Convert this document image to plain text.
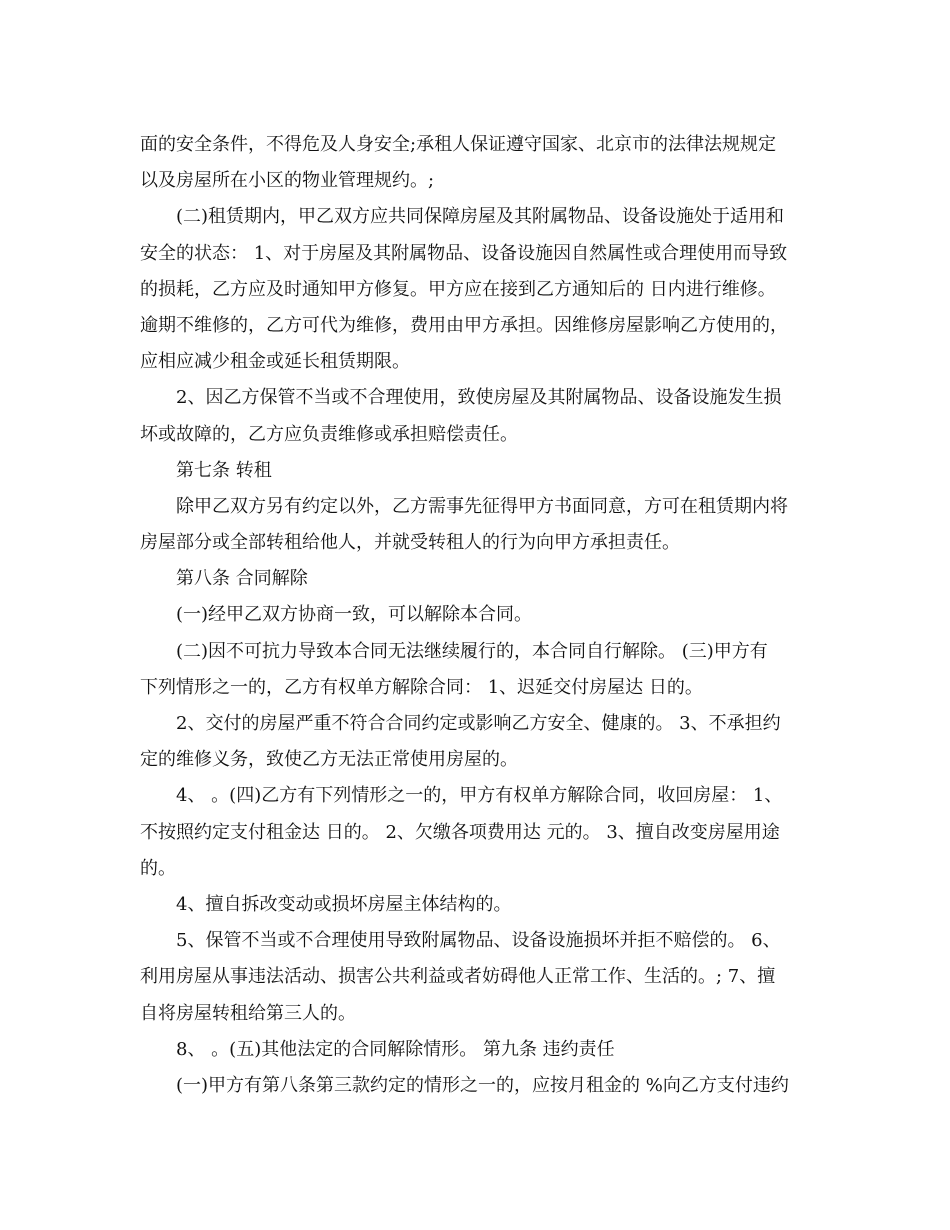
面的安全条件，不得危及人身安全;承租人保证遵守国家、北京市的法律法规规定
以及房屋所在小区的物业管理规约。;
(二)租赁期内，甲乙双方应共同保障房屋及其附属物品、设备设施处于适用和
安全的状态： 1、对于房屋及其附属物品、设备设施因自然属性或合理使用而导致
的损耗，乙方应及时通知甲方修复。甲方应在接到乙方通知后的 日内进行维修。
逾期不维修的，乙方可代为维修，费用由甲方承担。因维修房屋影响乙方使用的，
应相应减少租金或延长租赁期限。
2、因乙方保管不当或不合理使用，致使房屋及其附属物品、设备设施发生损
坏或故障的，乙方应负责维修或承担赔偿责任。
第七条 转租
除甲乙双方另有约定以外，乙方需事先征得甲方书面同意，方可在租赁期内将
房屋部分或全部转租给他人，并就受转租人的行为向甲方承担责任。
第八条 合同解除
(一)经甲乙双方协商一致，可以解除本合同。
(二)因不可抗力导致本合同无法继续履行的，本合同自行解除。 (三)甲方有
下列情形之一的，乙方有权单方解除合同： 1、迟延交付房屋达 日的。
2、交付的房屋严重不符合合同约定或影响乙方安全、健康的。 3、不承担约
定的维修义务，致使乙方无法正常使用房屋的。
4、 。(四)乙方有下列情形之一的，甲方有权单方解除合同，收回房屋： 1、
不按照约定支付租金达 日的。 2、欠缴各项费用达 元的。 3、擅自改变房屋用途
的。
4、擅自拆改变动或损坏房屋主体结构的。
5、保管不当或不合理使用导致附属物品、设备设施损坏并拒不赔偿的。 6、
利用房屋从事违法活动、损害公共利益或者妨碍他人正常工作、生活的。; 7、擅
自将房屋转租给第三人的。
8、 。(五)其他法定的合同解除情形。 第九条 违约责任
(一)甲方有第八条第三款约定的情形之一的，应按月租金的 %向乙方支付违约
